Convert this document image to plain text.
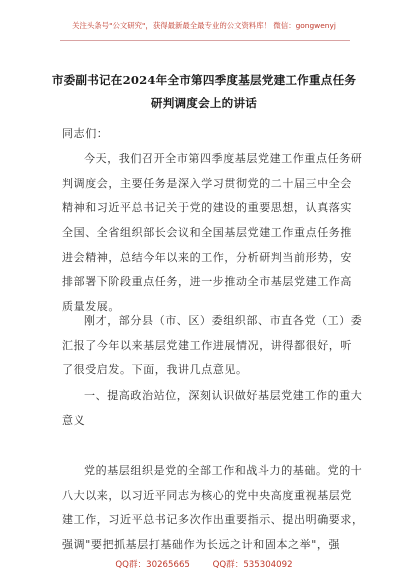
关注头条号"公文研究"，获得最新最全最专业的公文资料库！ 微信：gongwenyj
市委副书记在2024年全市第四季度基层党建工作重点任务
研判调度会上的讲话
同志们：
今天，我们召开全市第四季度基层党建工作重点任务研
判调度会，主要任务是深入学习贯彻党的二十届三中全会
精神和习近平总书记关于党的建设的重要思想，认真落实
全国、全省组织部长会议和全国基层党建工作重点任务推
进会精神，总结今年以来的工作，分析研判当前形势，安
排部署下阶段重点任务，进一步推动全市基层党建工作高
质量发展。
刚才，部分县（市、区）委组织部、市直各党（工）委
汇报了今年以来基层党建工作进展情况，讲得都很好，听
了很受启发。下面，我讲几点意见。
一、提高政治站位，深刻认识做好基层党建工作的重大
意义
党的基层组织是党的全部工作和战斗力的基础。党的十
八大以来，以习近平同志为核心的党中央高度重视基层党
建工作，习近平总书记多次作出重要指示、提出明确要求，
强调"要把抓基层打基础作为长远之计和固本之举"，强
QQ群：30265665	QQ群：535304092
